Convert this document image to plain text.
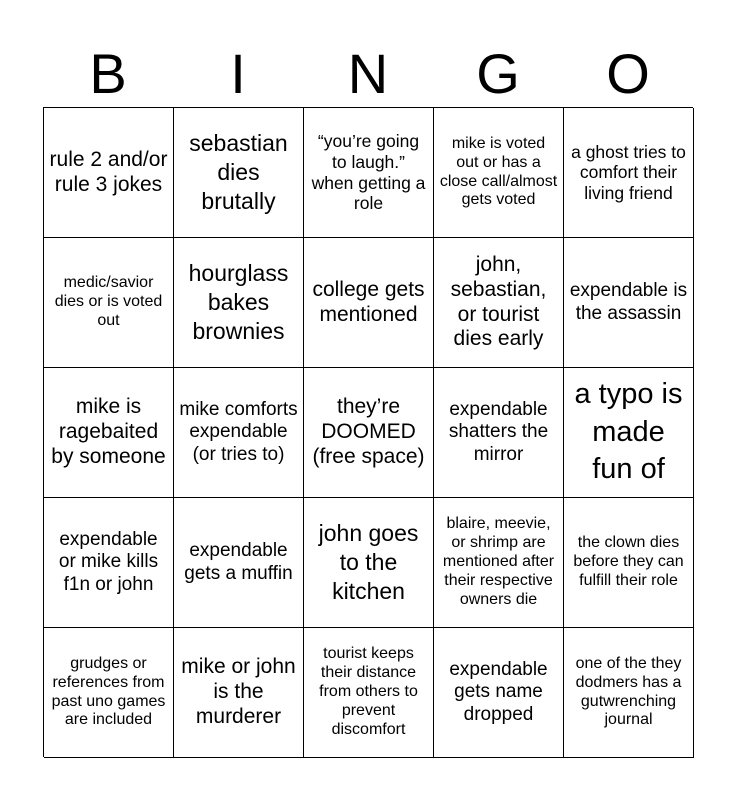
B	I	N	G	O
rule 2 and/or rule 3 jokes
sebastian dies brutally
“you’re going to laugh.” when getting a role
mike is voted out or has a close call/almost gets voted
a ghost tries to comfort their living friend
medic/savior dies or is voted out
hourglass bakes brownies
college gets mentioned
john, sebastian, or tourist dies early
expendable is the assassin
mike is ragebaited by someone
mike comforts expendable (or tries to)
they’re DOOMED (free space)
expendable shatters the mirror
a typo is made fun of
expendable or mike kills f1n or john
expendable gets a muffin
john goes to the kitchen
blaire, meevie, or shrimp are mentioned after their respective owners die
the clown dies before they can fulfill their role
grudges or references from past uno games are included
mike or john is the murderer
tourist keeps their distance from others to prevent discomfort
expendable gets name dropped
one of the they dodmers has a gutwrenching journal
